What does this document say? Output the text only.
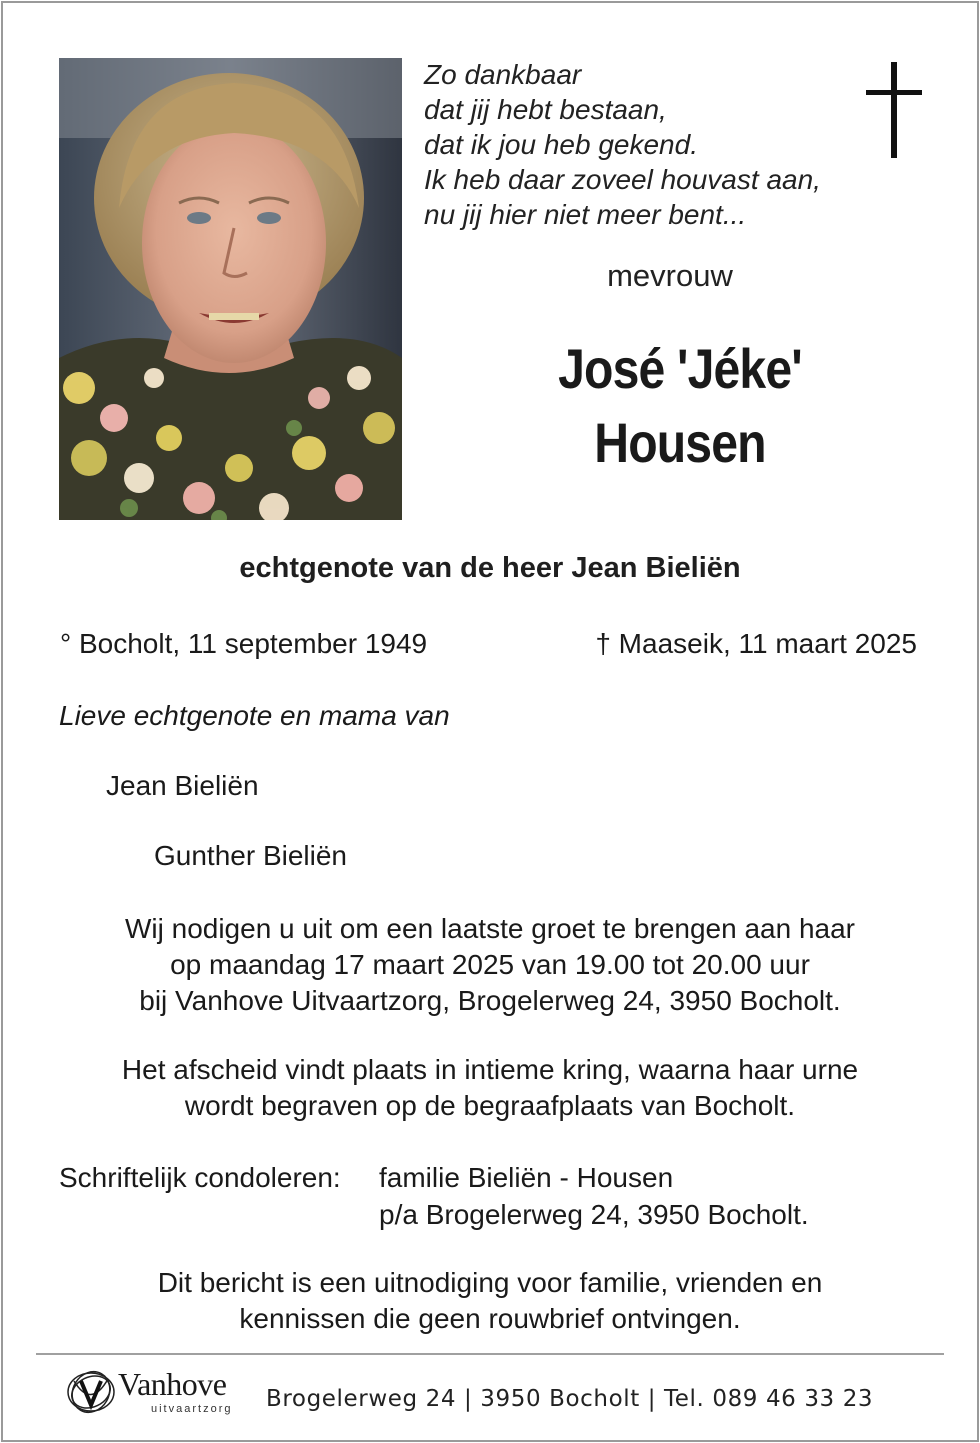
Zo dankbaar
dat jij hebt bestaan,
dat ik jou heb gekend.
Ik heb daar zoveel houvast aan,
nu jij hier niet meer bent...
mevrouw
José 'Jéke'
Housen
echtgenote van de heer Jean Bieliën
° Bocholt, 11 september 1949	† Maaseik, 11 maart 2025
Lieve echtgenote en mama van
Jean Bieliën
Gunther Bieliën
Wij nodigen u uit om een laatste groet te brengen aan haar
op maandag 17 maart 2025 van 19.00 tot 20.00 uur
bij Vanhove Uitvaartzorg, Brogelerweg 24, 3950 Bocholt.
Het afscheid vindt plaats in intieme kring, waarna haar urne
wordt begraven op de begraafplaats van Bocholt.
Schriftelijk condoleren: familie Bieliën - Housen
p/a Brogelerweg 24, 3950 Bocholt.
Dit bericht is een uitnodiging voor familie, vrienden en
kennissen die geen rouwbrief ontvingen.
Vanhove
uitvaartzorg Brogelerweg 24 | 3950 Bocholt | Tel. 089 46 33 23
